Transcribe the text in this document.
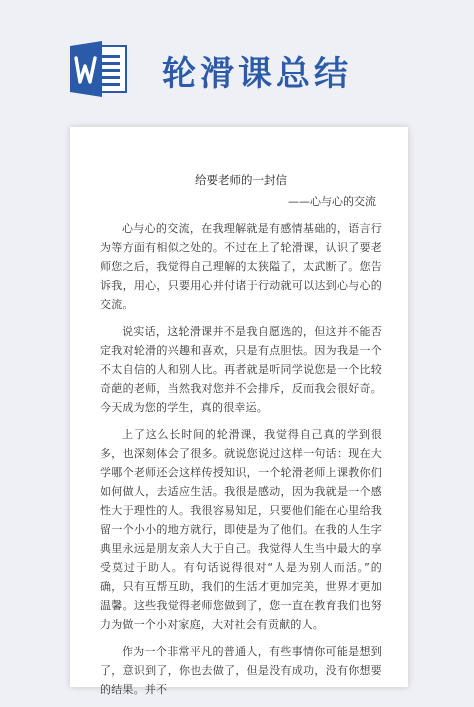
轮滑课总结
给要老师的一封信
——心与心的交流

心与心的交流，在我理解就是有感情基础的，语言行为等方面有相似之处的。不过在上了轮滑课，认识了要老师您之后，我觉得自己理解的太狭隘了，太武断了。您告诉我，用心，只要用心并付诸于行动就可以达到心与心的交流。

说实话，这轮滑课并不是我自愿选的，但这并不能否定我对轮滑的兴趣和喜欢，只是有点胆怯。因为我是一个不太自信的人和别人比。再者就是听同学说您是一个比较奇葩的老师，当然我对您并不会排斥，反而我会很好奇。今天成为您的学生，真的很幸运。

上了这么长时间的轮滑课，我觉得自己真的学到很多，也深刻体会了很多。就说您说过这样一句话：现在大学哪个老师还会这样传授知识，一个轮滑老师上课教你们如何做人，去适应生活。我很是感动，因为我就是一个感性大于理性的人。我很容易知足，只要他们能在心里给我留一个小小的地方就行，即使是为了他们。在我的人生字典里永远是朋友亲人大于自己。我觉得人生当中最大的享受莫过于助人。有句话说得很对“人是为别人而活。”的确，只有互帮互助，我们的生活才更加完美，世界才更加温馨。这些我觉得老师您做到了，您一直在教育我们也努力为做一个小对家庭，大对社会有贡献的人。

作为一个非常平凡的普通人，有些事情你可能是想到了，意识到了，你也去做了，但是没有成功，没有你想要的结果。并不
